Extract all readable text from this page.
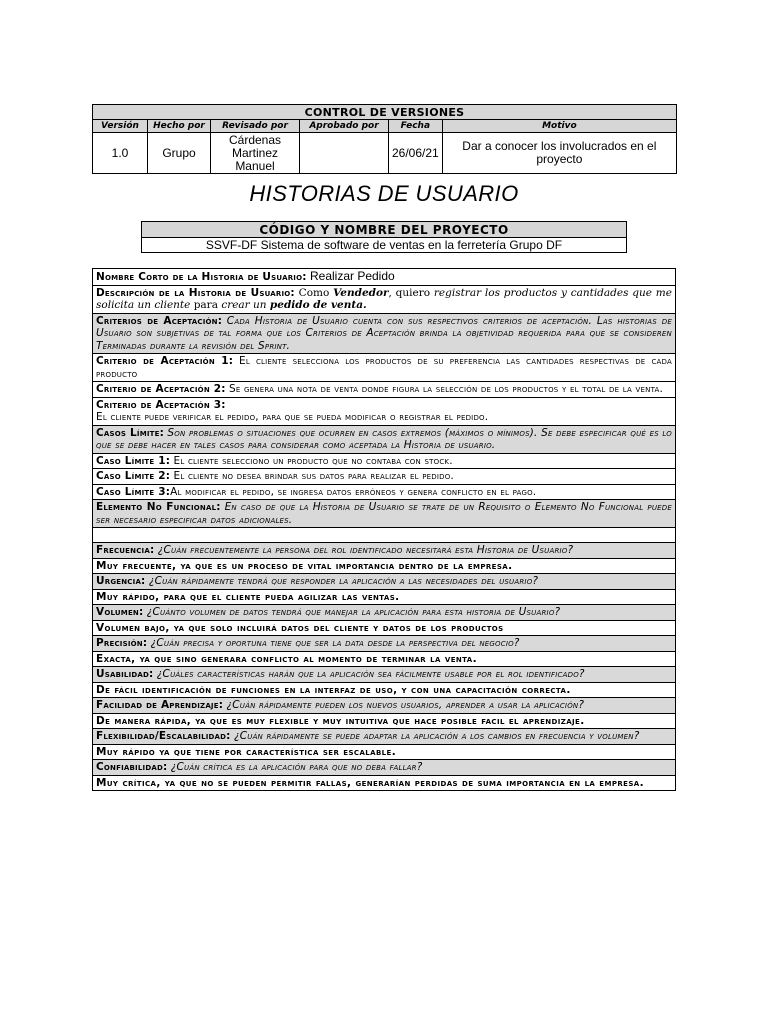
CONTROL DE VERSIONES					
Versión	Hecho por	Revisado por	Aprobado por	Fecha	Motivo
1.0	Grupo	Cárdenas Martinez Manuel		26/06/21	Dar a conocer los involucrados en el proyecto
HISTORIAS DE USUARIO
CÓDIGO Y NOMBRE DEL PROYECTO
SSVF-DF Sistema de software de ventas en la ferretería Grupo DF
Nombre Corto de la Historia de Usuario: Realizar Pedido
Descripción de la Historia de Usuario: Como Vendedor, quiero registrar los productos y cantidades que me solicita un cliente para crear un pedido de venta.
Criterios de Aceptación: Cada Historia de Usuario cuenta con sus respectivos criterios de aceptación. Las historias de Usuario son subjetivas de tal forma que los Criterios de Aceptación brinda la objetividad requerida para que se consideren Terminadas durante la revisión del Sprint.
Criterio de Aceptación 1: El cliente selecciona los productos de su preferencia las cantidades respectivas de cada producto
Criterio de Aceptación 2: Se genera una nota de venta donde figura la selección de los productos y el total de la venta.
Criterio de Aceptación 3:
El cliente puede verificar el pedido, para que se pueda modificar o registrar el pedido.
Casos Límite: Son problemas o situaciones que ocurren en casos extremos (máximos o mínimos). Se debe especificar qué es lo que se debe hacer en tales casos para considerar como aceptada la Historia de usuario.
Caso Límite 1: El cliente selecciono un producto que no contaba con stock.
Caso Límite 2: El cliente no desea brindar sus datos para realizar el pedido.
Caso Límite 3:Al modificar el pedido, se ingresa datos erróneos y genera conflicto en el pago.
Elemento No Funcional: En caso de que la Historia de Usuario se trate de un Requisito o Elemento No Funcional puede ser necesario especificar datos adicionales.

Frecuencia: ¿Cuán frecuentemente la persona del rol identificado necesitará esta Historia de Usuario?
Muy frecuente, ya que es un proceso de vital importancia dentro de la empresa.
Urgencia: ¿Cuán rápidamente tendrá que responder la aplicación a las necesidades del usuario?
Muy rápido, para que el cliente pueda agilizar las ventas.
Volumen: ¿Cuánto volumen de datos tendrá que manejar la aplicación para esta historia de Usuario?
Volumen bajo, ya que solo incluirá datos del cliente y datos de los productos
Precisión: ¿Cuán precisa y oportuna tiene que ser la data desde la perspectiva del negocio?
Exacta, ya que sino generara conflicto al momento de terminar la venta.
Usabilidad: ¿Cuáles características harán que la aplicación sea fácilmente usable por el rol identificado?
De fácil identificación de funciones en la interfaz de uso, y con una capacitación correcta.
Facilidad de Aprendizaje: ¿Cuán rápidamente pueden los nuevos usuarios, aprender a usar la aplicación?
De manera rápida, ya que es muy flexible y muy intuitiva que hace posible facil el aprendizaje.
Flexibilidad/Escalabilidad: ¿Cuán rápidamente se puede adaptar la aplicación a los cambios en frecuencia y volumen?
Muy rápido ya que tiene por característica ser escalable.
Confiabilidad: ¿Cuán crítica es la aplicación para que no deba fallar?
Muy crítica, ya que no se pueden permitir fallas, generarían perdidas de suma importancia en la empresa.
